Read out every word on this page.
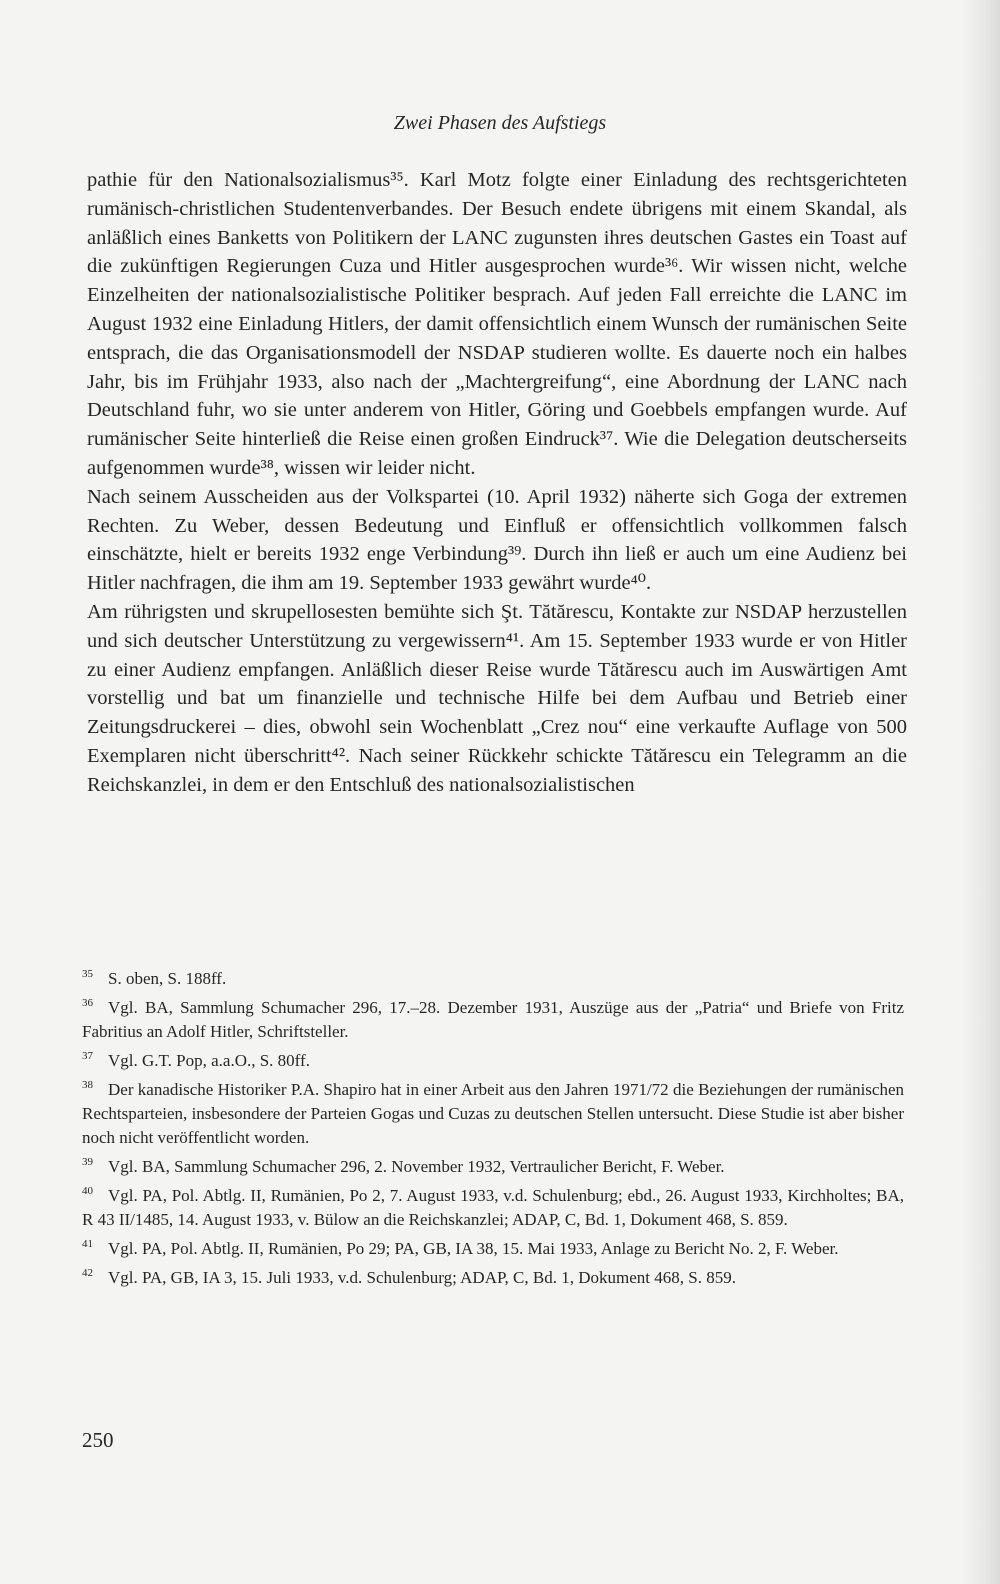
Zwei Phasen des Aufstiegs

pathie für den Nationalsozialismus³⁵. Karl Motz folgte einer Einladung des rechtsgerichteten rumänisch-christlichen Studentenverbandes. Der Besuch endete übrigens mit einem Skandal, als anläßlich eines Banketts von Politikern der LANC zugunsten ihres deutschen Gastes ein Toast auf die zukünftigen Regierungen Cuza und Hitler ausgesprochen wurde³⁶. Wir wissen nicht, welche Einzelheiten der nationalsozialistische Politiker besprach. Auf jeden Fall erreichte die LANC im August 1932 eine Einladung Hitlers, der damit offensichtlich einem Wunsch der rumänischen Seite entsprach, die das Organisationsmodell der NSDAP studieren wollte. Es dauerte noch ein halbes Jahr, bis im Frühjahr 1933, also nach der „Machtergreifung“, eine Abordnung der LANC nach Deutschland fuhr, wo sie unter anderem von Hitler, Göring und Goebbels empfangen wurde. Auf rumänischer Seite hinterließ die Reise einen großen Eindruck³⁷. Wie die Delegation deutscherseits aufgenommen wurde³⁸, wissen wir leider nicht.

Nach seinem Ausscheiden aus der Volkspartei (10. April 1932) näherte sich Goga der extremen Rechten. Zu Weber, dessen Bedeutung und Einfluß er offensichtlich vollkommen falsch einschätzte, hielt er bereits 1932 enge Verbindung³⁹. Durch ihn ließ er auch um eine Audienz bei Hitler nachfragen, die ihm am 19. September 1933 gewährt wurde⁴⁰.

Am rührigsten und skrupellosesten bemühte sich Şt. Tătărescu, Kontakte zur NSDAP herzustellen und sich deutscher Unterstützung zu vergewissern⁴¹. Am 15. September 1933 wurde er von Hitler zu einer Audienz empfangen. Anläßlich dieser Reise wurde Tătărescu auch im Auswärtigen Amt vorstellig und bat um finanzielle und technische Hilfe bei dem Aufbau und Betrieb einer Zeitungsdruckerei – dies, obwohl sein Wochenblatt „Crez nou“ eine verkaufte Auflage von 500 Exemplaren nicht überschritt⁴². Nach seiner Rückkehr schickte Tătărescu ein Telegramm an die Reichskanzlei, in dem er den Entschluß des nationalsozialistischen

35 S. oben, S. 188ff.

36 Vgl. BA, Sammlung Schumacher 296, 17.–28. Dezember 1931, Auszüge aus der „Patria“ und Briefe von Fritz Fabritius an Adolf Hitler, Schriftsteller.

37 Vgl. G.T. Pop, a.a.O., S. 80ff.

38 Der kanadische Historiker P.A. Shapiro hat in einer Arbeit aus den Jahren 1971/72 die Beziehungen der rumänischen Rechtsparteien, insbesondere der Parteien Gogas und Cuzas zu deutschen Stellen untersucht. Diese Studie ist aber bisher noch nicht veröffentlicht worden.

39 Vgl. BA, Sammlung Schumacher 296, 2. November 1932, Vertraulicher Bericht, F. Weber.

40 Vgl. PA, Pol. Abtlg. II, Rumänien, Po 2, 7. August 1933, v.d. Schulenburg; ebd., 26. August 1933, Kirchholtes; BA, R 43 II/1485, 14. August 1933, v. Bülow an die Reichskanzlei; ADAP, C, Bd. 1, Dokument 468, S. 859.

41 Vgl. PA, Pol. Abtlg. II, Rumänien, Po 29; PA, GB, IA 38, 15. Mai 1933, Anlage zu Bericht No. 2, F. Weber.

42 Vgl. PA, GB, IA 3, 15. Juli 1933, v.d. Schulenburg; ADAP, C, Bd. 1, Dokument 468, S. 859.

250
